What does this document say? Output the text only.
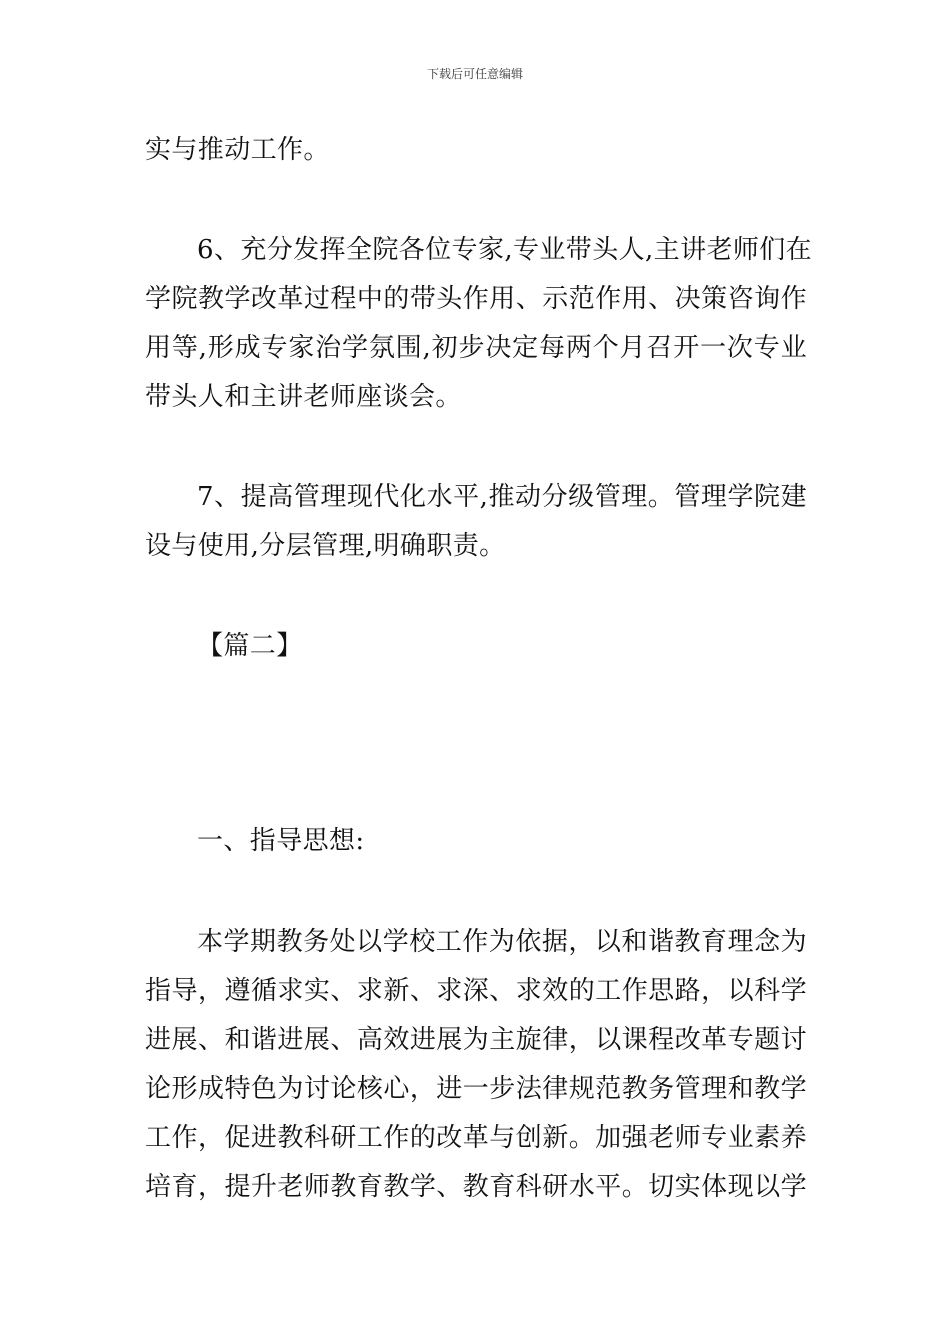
下载后可任意编辑
实与推动工作。
6、充分发挥全院各位专家,专业带头人,主讲老师们在
学院教学改革过程中的带头作用、示范作用、决策咨询作
用等,形成专家治学氛围,初步决定每两个月召开一次专业
带头人和主讲老师座谈会。
7、提高管理现代化水平,推动分级管理。管理学院建
设与使用,分层管理,明确职责。
【篇二】
一、指导思想:
本学期教务处以学校工作为依据，以和谐教育理念为
指导，遵循求实、求新、求深、求效的工作思路，以科学
进展、和谐进展、高效进展为主旋律，以课程改革专题讨
论形成特色为讨论核心，进一步法律规范教务管理和教学
工作，促进教科研工作的改革与创新。加强老师专业素养
培育，提升老师教育教学、教育科研水平。切实体现以学
